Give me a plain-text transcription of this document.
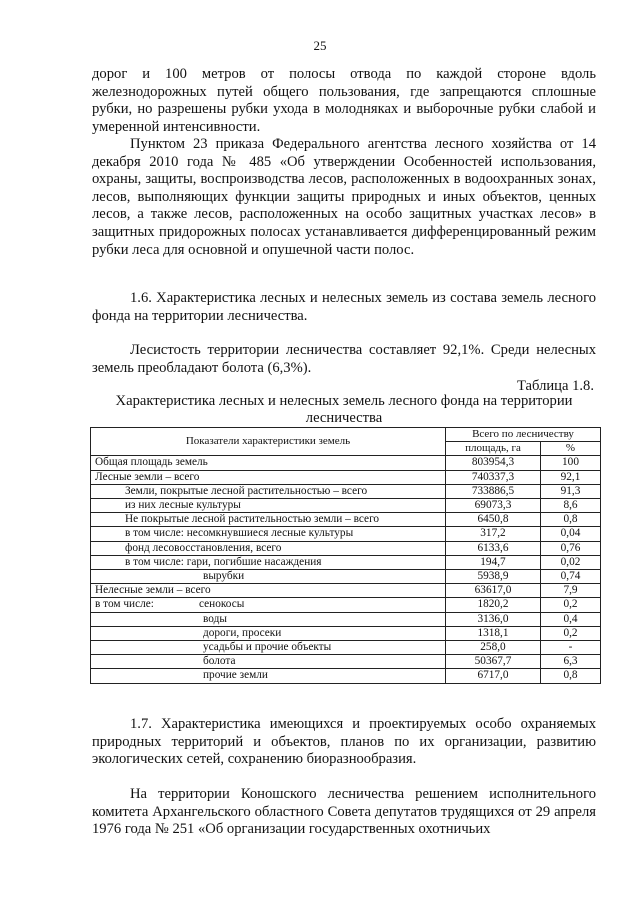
25

дорог и 100 метров от полосы отвода по каждой стороне вдоль железнодорожных путей общего пользования, где запрещаются сплошные рубки, но разрешены рубки ухода в молодняках и выборочные рубки слабой и умеренной интенсивности.

Пунктом 23 приказа Федерального агентства лесного хозяйства от 14 декабря 2010 года № 485 «Об утверждении Особенностей использования, охраны, защиты, воспроизводства лесов, расположенных в водоохранных зонах, лесов, выполняющих функции защиты природных и иных объектов, ценных лесов, а также лесов, расположенных на особо защитных участках лесов» в защитных придорожных полосах устанавливается дифференцированный режим рубки леса для основной и опушечной части полос.

1.6. Характеристика лесных и нелесных земель из состава земель лесного фонда на территории лесничества.

Лесистость территории лесничества составляет 92,1%. Среди нелесных земель преобладают болота (6,3%).

Таблица 1.8.
Характеристика лесных и нелесных земель лесного фонда на территории лесничества
Показатели характеристики земель	Всего по лесничеству	
	площадь, га	%
Общая площадь земель	803954,3	100
Лесные земли – всего	740337,3	92,1
Земли, покрытые лесной растительностью – всего	733886,5	91,3
из них лесные культуры	69073,3	8,6
Не покрытые лесной растительностью земли – всего	6450,8	0,8
в том числе: несомкнувшиеся лесные культуры	317,2	0,04
фонд лесовосстановления, всего	6133,6	0,76
в том числе: гари, погибшие насаждения	194,7	0,02
вырубки	5938,9	0,74
Нелесные земли – всего	63617,0	7,9
в том числе: сенокосы	1820,2	0,2
воды	3136,0	0,4
дороги, просеки	1318,1	0,2
усадьбы и прочие объекты	258,0	-
болота	50367,7	6,3
прочие земли	6717,0	0,8

1.7. Характеристика имеющихся и проектируемых особо охраняемых природных территорий и объектов, планов по их организации, развитию экологических сетей, сохранению биоразнообразия.

На территории Коношского лесничества решением исполнительного комитета Архангельского областного Совета депутатов трудящихся от 29 апреля 1976 года № 251 «Об организации государственных охотничьих
